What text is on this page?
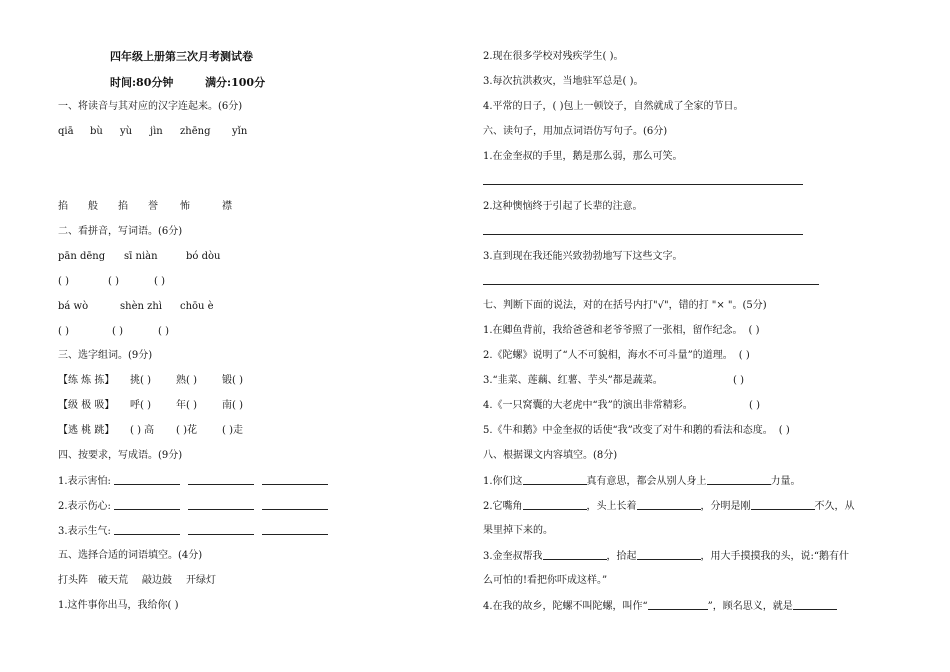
四年级上册第三次月考测试卷
时间:80分钟	满分:100分
一、将读音与其对应的汉字连起来。(6分)
qiā bù yù jìn zhēng yǐn
掐 般 掐 誉 怖	襟
二、看拼音，写词语。(6分)
pān dēng sī niàn	bó dòu
( )	( )	( )
bá wò	shèn zhì chōu è
( )	( )	( )
三、选字组词。(9分)
【练 炼 拣】 挑( )	熟( )	锻( )
【级 极 吸】 呼( )	年( )	南( )
【逃 桃 跳】 ( ) 高 ( )花	( )走
四、按要求，写成语。(9分)
1.表示害怕:
2.表示伤心:
3.表示生气:
五、选择合适的词语填空。(4分)
打头阵 破天荒 敲边鼓 开绿灯
1.这件事你出马，我给你( )
2.现在很多学校对残疾学生( )。
3.每次抗洪救灾，当地驻军总是( )。
4.平常的日子，( )包上一顿饺子，自然就成了全家的节日。
六、读句子，用加点词语仿写句子。(6分)
1.在金奎叔的手里，鹅是那么弱，那么可笑。
2.这种懊恼终于引起了长辈的注意。
3.直到现在我还能兴致勃勃地写下这些文字。
七、判断下面的说法，对的在括号内打"√"，错的打 "× "。(5分)
1.在卿鱼背前，我给爸爸和老爷爷照了一张相，留作纪念。 ( )
2.《陀螺》说明了“人不可貌相，海水不可斗量”的道理。 ( )
3.“韭菜、莲藕、红薯、芋头”都是蔬菜。	( )
4.《一只窝囊的大老虎中“我”的演出非常精彩。	( )
5.《牛和鹅》中金奎叔的话使“我”改变了对牛和鹅的看法和态度。 ( )
八、根据课文内容填空。(8分)
1.你们这	真有意思，都会从别人身上	力量。
2.它嘴角	，头上长着	，分明是刚	不久，从
果里掉下来的。
3.金奎叔帮我	，拾起	，用大手摸摸我的头，说:“鹅有什
么可怕的!看把你吓成这样。”
4.在我的故乡，陀螺不叫陀螺，叫作“	”，顾名思义，就是
